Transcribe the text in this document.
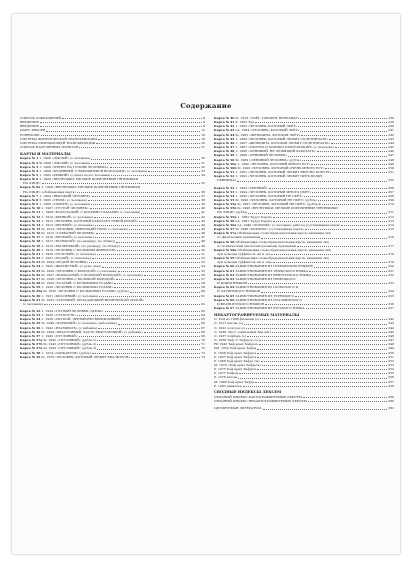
Содержание
СПИСОК СОКРАЩЕНИЙ	8
ВВЕДЕНИЕ	9
ВВЕДЕНИЕ	9
ИАНЗ. PROOPR	15
FOREWORD	16
СИСТЕМА ФОНЕТИЧЕСКОЙ ТРАНСКРИПЦИИ	19
СИСТЕМА ОБОБЩАЮЩЕЙ ТРАНСКРИПЦИИ	20
СПИСОК НАСЕЛЕННЫХ ПУНКТОВ	27
КАРТЫ И МАТЕРИАЛЫ
Карта № 1 1. 1908 «ЛЫСЫЙ» (о человеке)	30
Карта № 2 Sl.1908 «ЛЫСЫЙ» (о человеке)	31
Карта № 3 1. 1908 «ПЯТНО НА ГОЛОВЕ ЧЕЛОВЕКА»	32
Карта № 4 1. 1908 «КУДРЯВЫЙ, С ВЬЮЩИМИСЯ ВОЛОСАМИ» (о человеке)	33
Карта № 5 1. 1902 «РЫЖИЙ» (о цвете волос человека)	34
Карта № 6 1. 1908 «ВЕСНУШКИ, МЕЛКИЕ КОРИЧНЕВЫЕ ПЯТНЫШКИ
НА ЛИЦЕ»	35
Карта № 6а 1. 1908 «ВЕСНУШКИ, МЕЛКИЕ КОРИЧНЕВЫЕ ПЯТНЫШКИ
НА ЛИЦЕ» (обобщающая карта)	36
Карта № 7 1. 1904 «ВЫСОКИЙ ЧЕЛОВЕК»	37
Карта № 8 Т. 1905 «ГНОМ» (о человеке)	38
Карта № 9 1. 1906 «ГОРБУН» (о человеке)	39
Карта № 10 1. 1907 «ГУСТОЙ ЧЕЛОВЕК»	40
Карта № 11 1. 1908 «КОСОЛАДЫЙ, С КОСЫМИ ГЛАЗАМИ» (о человеке)	41
Карта № 12 1. 1910 «КРИВОЙ» (о человеке)	42
Карта № 13 1. 1912 «ЧЕЛОВЕК, КОТОРЫЙ РАБОТАЕТ ЛЕВОЙ РУКОЙ»	43
Карта № 14 1. 1913 «ХРОМОЙ» (о человеке)	44
Карта № 15 Sl. 1914 «ЧЕЛОВЕК, ИМЕЮЩИЙ ГОРБ» (о человеке)	45
Карта № 16 Sl. 1915 «ГОРБАТЫЙ ЧЕЛОВЕК»	46
Карта № 17 1. 1916 «ХРОМОЙ» (о человеке)	47
Карта № 18 1. 1917 «БОЛЬШОЙ» (по размеру, по облику)	48
Карта № 19 1. 1918 «МАЛЕНЬКИЙ» (по размеру, по облику)	49
Карта № 20 1. 1919 «ЧЕЛОВЕК С БОЛЬШИМ ЖИВОТОМ»	50
Карта № 21 1. 1920 «ТОЛСТЫЙ» (о человеке)	51
Карта № 22 1. 1921 «ХУДОЙ» (о человеке)	52
Карта № 23 Sl. 1924 «ХУДОЙ ЧЕЛОВЕК»	53
Карта № 24 1. 1925 «ЖИЛИСТЫЙ» (о руке, шее)	54
Карта № 25 Sl. 1926 «ЧЕЛОВЕК С БОРОДОЙ» (о человеке)	55
Карта № 26 Sl. 1927 «БОРОДАТЫЙ, С БОЛЬШОЙ БОРОДОЙ» (о человеке)	56
Карта № 27 Sl. 1928 «ЧЕЛОВЕК С БОЛЬШОЙ БОРОДОЙ»	57
Карта № 28 Sl. 1929 «УСАТЫЙ, С БОЛЬШИМИ УСАМИ»	58
Карта № 29 1. 1930 «ЧЕЛОВЕК С БОЛЬШИМИ УСАМИ»	59
Карта № 29а Sl. 1930 «ЧЕЛОВЕК С БОЛЬШИМИ УСАМИ» (дубль)	60
Карта № 30 1. 1931 «КРАСИВЫЙ» (о человеке)	61
Карта № 31 Sl. 1933 «СИЛЬНЫЙ, ОБЛАДАЮЩИЙ ФИЗИЧЕСКОЙ СИЛОЙ»
(о человеке)	62
Карта № 32 1. 1934 «ГЛУПЫЙ ЧЕЛОВЕК, ДУРАК»	63
Карта № 33 1. 1936 «ГЛУПОСТЬ»	64
Карта № 34 1. 1938 «СКУПОЙ, ЧРЕЗМЕРНО БЕРЕЖЛИВЫЙ»	65
Карта № 35 Sl. 1940 «ХОРОШИЙ» (о человеке, работнике)	66
Карта № 36 1. 1942 «ВЗАЗЫВАТЬ» (о ребенке)	67
Карта № 36 Sl. 1944 «ХВАСТЛИВЫЙ, ЧАСТО ХВАСТАЮЩИЙ» (о ребенке)	68
Карта № 37 1. 1945 «ПУГЛИВЫЙ»	69
Карта № 37а Sl. 1945 «ПУГЛИВЫЙ» (дубль-1)	70
Карта № 37б Sl. 1945 «ПУГЛИВЫЙ» (дубль-2)	71
Карта № 37в Sl. 1945 «ПУГЛИВЫЙ» (дубль-3)	72
Карта № 38 1. 1974 «ЗАИКАЕТСЯ» (дубль)	73
Карта № 39 Sl. 1976 «ЧЕЛОВЕК, КОТОРЫЙ ЛЮБИТ ХВАЛИТЬСЯ»	74
Карта № 40 Sl. 1978 «ЛЬЁТ, ГОВОРИТ НЕПРАВДУ»	238
Карта № 41 Р. 1982 Ъуд	239
Карта № 42 1. 1983 «ЧЕЛОВЕК, КОТОРЫЙ ЛЬЁТ»	240
Карта № 43 LA. 1984 «ЧЕЛОВЕК, КОТОРЫЙ ЛЬЁТ»	241
Карта № 44 Sl. 1985 «ЖЕНЩИНА, КОТОРАЯ ЛЬЁТ»	242
Карта № 45 1. 1986 «ЧЕЛОВЕК, КОТОРЫЙ ЛЮБИТ СПЛЕТНИЧАТЬ»	243
Карта № 46 1. 1987 «ЖЕНЩИНА, КОТОРАЯ ЛЮБИТ СПЛЕТНИЧАТЬ»	244
Карта № 47 1. 1987 «ОХОТНО И ХОРОШО РАБОТАЮЩИЙ» (о человеке)	245
Карта № 48 1. 1988 «ЛЕНИВЫЙ, НЕ ЛЮБЯЩИЙ РАБОТАТЬ»	246
Карта № 49 1. 1989 «ЛЕНИВЫЙ ЧЕЛОВЕК»	247
Карта № 50 Sl. 1989 «ЛЕНИВЫЙ ЧЕЛОВЕК» (дубль)	248
Карта № 50а 1. 1990 «ЧЕЛОВЕК, КОТОРЫЙ МНОГО ЕСТ»	249
Карта № 50б Sl. 1990 «ЧЕЛОВЕК, КОТОРЫЙ ОЧЕНЬ МНОГО ЕСТ»	250
Карта № 51 1. 1991 «ЧЕЛОВЕК, КОТОРЫЙ ЛЮБИТ ВКУСНО ПОЕСТЬ»	251
Карта № 52 1. 1992 «ЧЕЛОВЕК, КОТОРЫЙ ЛЮБИТ ПИТЬ ВОДКУ,
ПЬЯНИЦА»	252
Карта № 52 1. 1993 «ТРЕЗВЫЙ»	306
Карта № 53 1. 1994 «ЧЕЛОВЕК, КОТОРЫЙ МНОГО ПЬЁТ»	307
Карта № 54 1. 1995 «ЧЕЛОВЕК, КОТОРЫЙ НЕ ПЬЁТ»	308
Карта № 55 Sl. 1996 «ЧЕЛОВЕК, КОТОРЫЙ НЕ ПЬЁТ» (дубль)	309
Карта № 55а Sl. 1997 «ЧЕЛОВЕК, КОТОРЫЙ НЕ ПЬЁТ» (дубль-2)	310
Карта № 55б Sl. 1998 «ВЕСНУШКИ, МЕЛКИЕ КОРИЧНЕВЫЕ ПЯТНЫШКИ
НА ЛИЦЕ» (дубль)	311
Карта № 55в 1. 1982 Ъудух Ъэрдть	312
Карта № 56 LA. 1981 Ъудух Ъэрдть	313
Карта № 56а LA. 1946 «ХОРОШО» (о человеке, работе) (составленная карта)	314
Карта № 57 Sl. 1946 «ХОРОШО» (составленная карта)	315
Карта № 57а Обобщающая словообразовательная карта: названия лиц
по физическим признакам	316
Карта № 58 Обобщающая словообразовательная карта: названия лиц
по психическим (интеллектуальным) признакам	317
Карта № 58а Обобщающая словообразовательная карта: названия лиц
при помощи суффиксов -ак и -ач	318
Карта № 59 Обобщающая словообразовательная карта: названия лиц
при помощи суффиксов -ик и -ець	319
Карта № 60 ЗАИМСТВОВАНИЯ ИЗ ГЕРМАНСКИХ ЯЗЫКОВ	320
Карта № 61 ЗАИМСТВОВАНИЯ ИЗ ТЮРКСКОГО ЯЗЫКА	321
Карта № 62 ЗАИМСТВОВАНИЯ ИЗ ВЕНГЕРСКОГО ЯЗЫКА	322
Карта № 63 ЗАИМСТВОВАНИЯ ИЗ НЕМЕЦКОГО
И ИДИШ ЯЗЫКОВ	323
Карта № 64 ЗАИМСТВОВАНИЯ ИЗ ПОЛЬСКОГО И
И ЛАТИНСКОГО ЯЗЫКОВ	324
Карта № 65 ЗАИМСТВОВАНИЯ ИЗ ТУРЕЦКОГО	325
Карта № 66 ЗАИМСТВОВАНИЯ ИЗ ИТАЛЬЯНСКОГО
И ФРАНЦУЗСКОГО ЯЗЫКОВ	326
Карта № 67 ЗАИМСТВОВАНИЯ ИЗ РУССКОГО ЯЗЫКА	327
НЕКАРТОГРАФИРУЕМЫЕ МАТЕРИАЛЫ
Л. ЪзЦ нз 1908 физыкай (о)	342
Л. 1917 катовь (о)	343
Л. 1922 золотов (о)	344
Л. 1936 «Бут» (сабальшой Ъэп adr)	345
Л. 1937 ломбарь (о)	346
Л. 1938 Ъэф от Ъэфдьть (о)	347
FP. 1943 Ъэф арых Ъэфдьть	348
PM. 1952 Ъэф арых Ъэфдь	349
Р. 1956 Ъэф арых Ъэфдьть	350
Р. 1957 Ъэф арых Ъэфдьть	351
Р. 1968 Ъэф арых Ъэфдь тыс	352
М. 1970 «Ъэф арых Ъэфдьть»	353
Р. 1975 Ъэф арых Ъэфдьть	354
Р. 1977 Ъэфьдь	355
Р. 1978 катовь	356
М. 1980 Ъэф арых Ъэфдь	357
Р. 1983 раналлье	358
СВОДНЫЕ ИНДЕКСЫ ЛЕКСЕМ
СВОДНЫЙ ИНДЕКС КАРТОГРАФИРУЕМЫХ ЛЕКСЕМ	360
СВОДНЫЙ ИНДЕКС НЕКАРТОГРАФИРУЕМЫХ ЛЕКСЕМ	380
ЦИТИРУЕМАЯ ЛИТЕРАТУРА	382
